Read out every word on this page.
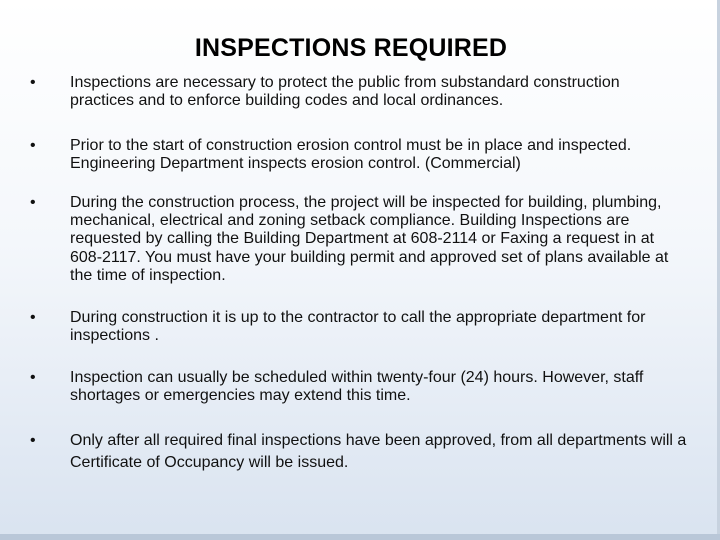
INSPECTIONS REQUIRED
•	Inspections are necessary to protect the public from substandard construction practices and to enforce building codes and local ordinances.

•	Prior to the start of construction erosion control must be in place and inspected. Engineering Department inspects erosion control. (Commercial)

•	During the construction process, the project will be inspected for building, plumbing, mechanical, electrical and zoning setback compliance. Building Inspections are requested by calling the Building Department at 608-2114 or Faxing a request in at 608-2117. You must have your building permit and approved set of plans available at the time of inspection.

•	During construction it is up to the contractor to call the appropriate department for inspections .

•	Inspection can usually be scheduled within twenty-four (24) hours. However, staff shortages or emergencies may extend this time.

•	Only after all required final inspections have been approved, from all departments will a Certificate of Occupancy will be issued.
